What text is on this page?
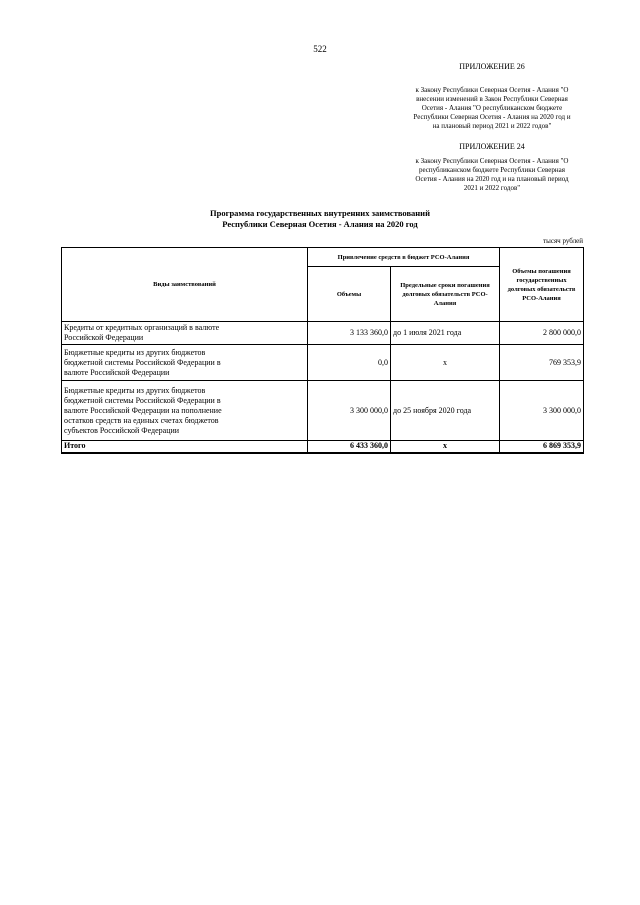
522
ПРИЛОЖЕНИЕ 26
к Закону Республики Северная Осетия - Алания "О
внесении изменений в Закон Республики Северная
Осетия - Алания "О республиканском бюджете
Республики Северная Осетия - Алания на 2020 год и
на плановый период 2021 и 2022 годов"
ПРИЛОЖЕНИЕ 24
к Закону Республики Северная Осетия - Алания "О
республиканском бюджете Республики Северная
Осетия - Алания на 2020 год и на плановый период
2021 и 2022 годов"
Программа государственных внутренних заимствований
Республики Северная Осетия - Алания на 2020 год
тысяч рублей
Виды заимствований	Привлечение средств в бюджет РСО-Алания		Объемы погашения государственных долговых обязательств РСО-Алания
	Объемы	Предельные сроки погашения долговых обязательств РСО-Алания	

Кредиты от кредитных организаций в валюте
Российской Федерации	3 133 360,0	до 1 июля 2021 года	2 800 000,0

Бюджетные кредиты из других бюджетов
бюджетной системы Российской Федерации в
валюте Российской Федерации	0,0	х	769 353,9

Бюджетные кредиты из других бюджетов
бюджетной системы Российской Федерации в
валюте Российской Федерации на пополнение
остатков средств на единых счетах бюджетов
субъектов Российской Федерации	3 300 000,0	до 25 ноября 2020 года	3 300 000,0
Итого	6 433 360,0	х	6 869 353,9
